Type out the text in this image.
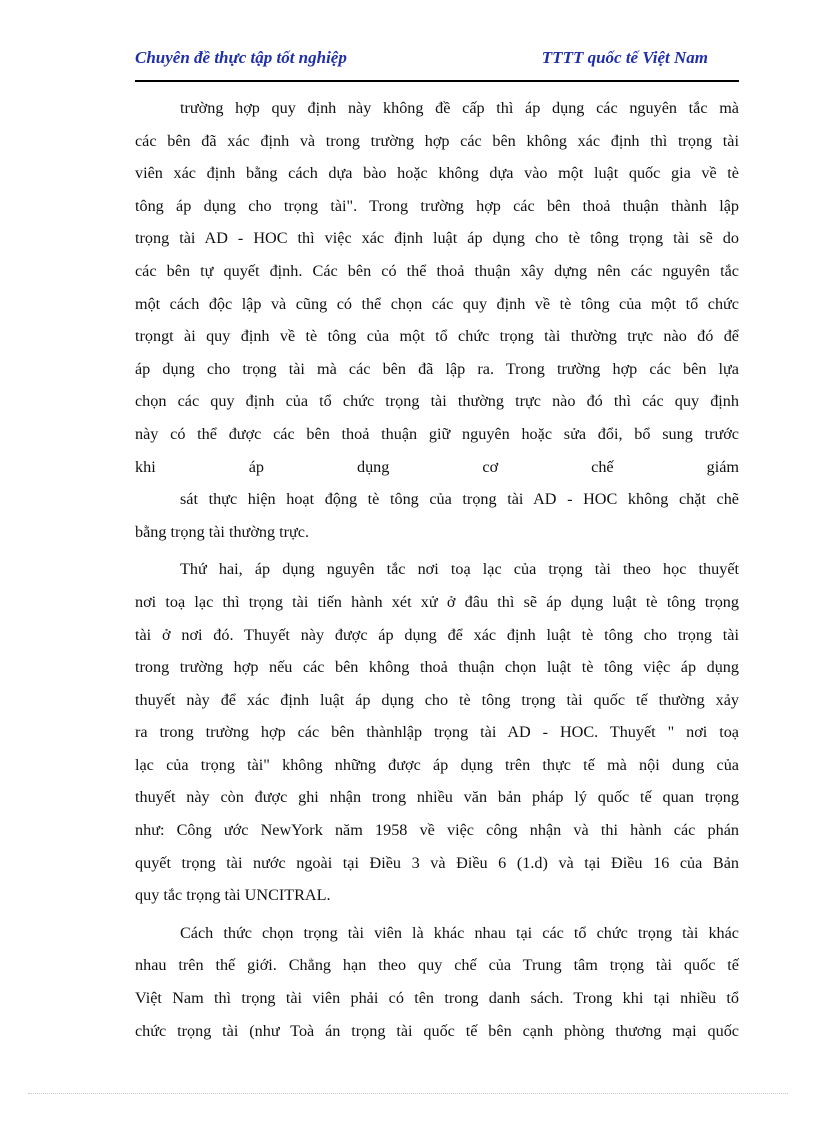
Chuyên đề thực tập tốt nghiệp	TTTT quốc tế Việt Nam
trường hợp quy định này không đề cấp thì áp dụng các nguyên tắc mà
các bên đã xác định và trong trường hợp các bên không xác định thì trọng tài
viên xác định bằng cách dựa bào hoặc không dựa vào một luật quốc gia về tè
tông áp dụng cho trọng tài". Trong trường hợp các bên thoả thuận thành lập
trọng tài AD - HOC thì việc xác định luật áp dụng cho tè tông trọng tài sẽ do
các bên tự quyết định. Các bên có thể thoả thuận xây dựng nên các nguyên tắc
một cách độc lập và cũng có thể chọn các quy định về tè tông của một tổ chức
trọngt ài quy định về tè tông của một tổ chức trọng tài thường trực nào đó để
áp dụng cho trọng tài mà các bên đã lập ra. Trong trường hợp các bên lựa
chọn các quy định của tổ chức trọng tài thường trực nào đó thì các quy định
này có thể được các bên thoả thuận giữ nguyên hoặc sửa đổi, bổ sung trước
khi áp dụng cơ chế giám
sát thực hiện hoạt động tè tông của trọng tài AD - HOC không chặt chẽ
bằng trọng tài thường trực.
Thứ hai, áp dụng nguyên tắc nơi toạ lạc của trọng tài theo học thuyết
nơi toạ lạc thì trọng tài tiến hành xét xử ở đâu thì sẽ áp dụng luật tè tông trọng
tài ở nơi đó. Thuyết này được áp dụng để xác định luật tè tông cho trọng tài
trong trường hợp nếu các bên không thoả thuận chọn luật tè tông việc áp dụng
thuyết này để xác định luật áp dụng cho tè tông trọng tài quốc tế thường xảy
ra trong trường hợp các bên thànhlập trọng tài AD - HOC. Thuyết " nơi toạ
lạc của trọng tài" không những được áp dụng trên thực tế mà nội dung của
thuyết này còn được ghi nhận trong nhiều văn bản pháp lý quốc tế quan trọng
như: Công ước NewYork năm 1958 về việc công nhận và thi hành các phán
quyết trọng tài nước ngoài tại Điều 3 và Điều 6 (1.d) và tại Điều 16 của Bản
quy tắc trọng tài UNCITRAL.
Cách thức chọn trọng tài viên là khác nhau tại các tổ chức trọng tài khác
nhau trên thế giới. Chẳng hạn theo quy chế của Trung tâm trọng tài quốc tế
Việt Nam thì trọng tài viên phải có tên trong danh sách. Trong khi tại nhiều tổ
chức trọng tài (như Toà án trọng tài quốc tế bên cạnh phòng thương mại quốc
